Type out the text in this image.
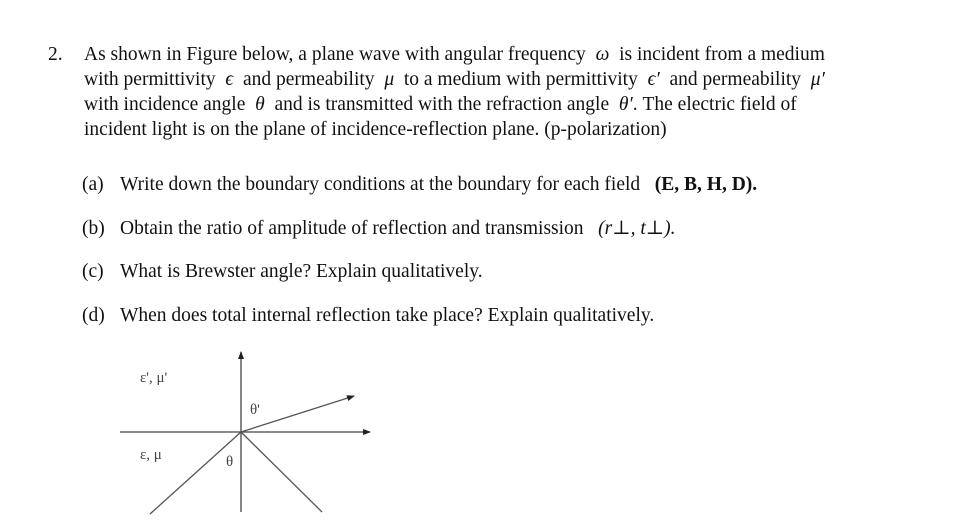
2. As shown in Figure below, a plane wave with angular frequency ω is incident from a medium
with permittivity ϵ and permeability μ to a medium with permittivity ϵ′ and permeability μ′
with incidence angle θ and is transmitted with the refraction angle θ′. The electric field of
incident light is on the plane of incidence-reflection plane. (p-polarization)
(a) Write down the boundary conditions at the boundary for each field (E, B, H, D).
(b) Obtain the ratio of amplitude of reflection and transmission (r⊥, t⊥).
(c) What is Brewster angle? Explain qualitatively.
(d) When does total internal reflection take place? Explain qualitatively.
ε', μ'
ε, μ
θ'
θ
